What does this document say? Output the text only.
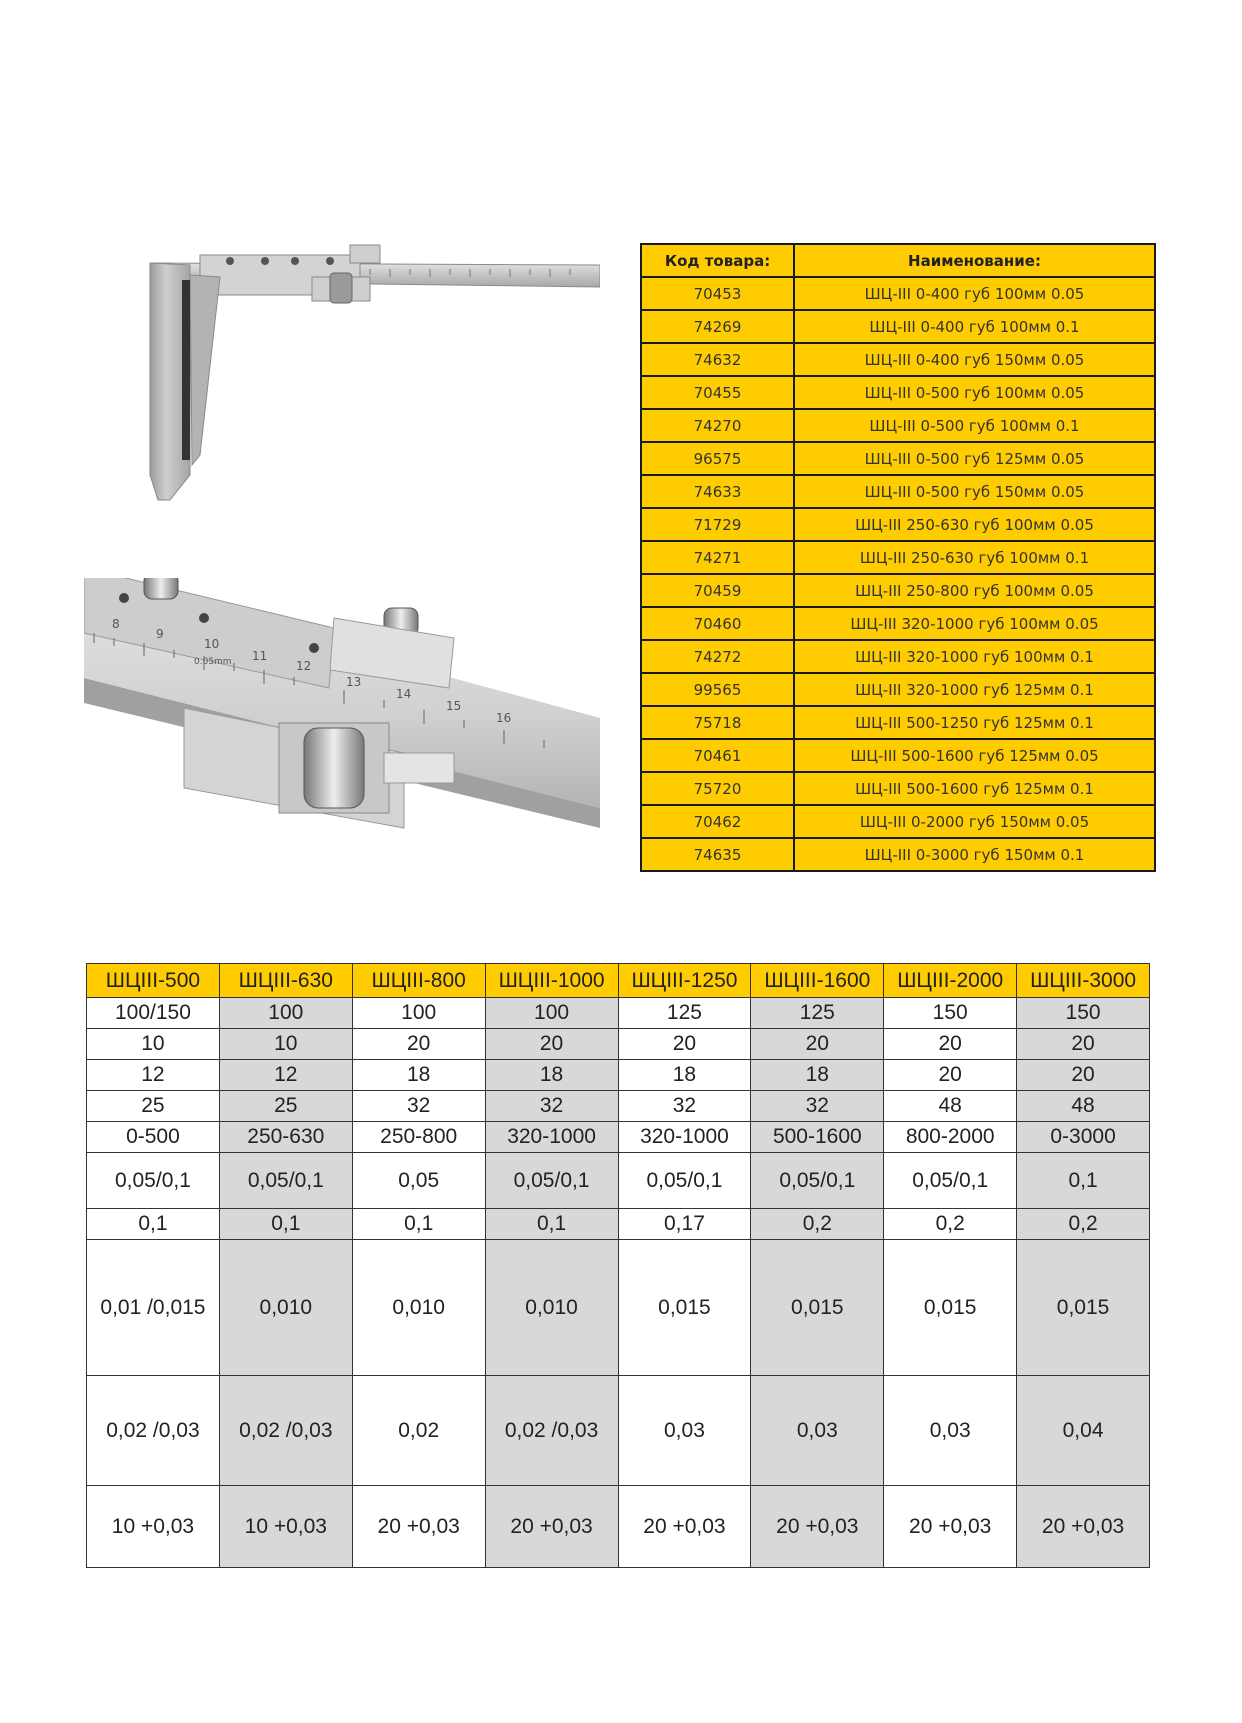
8
9
10
11
12
13
14
15
16
0.05mm
Код товара:	Наименование:
70453	ШЦ-III 0-400 губ 100мм 0.05
74269	ШЦ-III 0-400 губ 100мм 0.1
74632	ШЦ-III 0-400 губ 150мм 0.05
70455	ШЦ-III 0-500 губ 100мм 0.05
74270	ШЦ-III 0-500 губ 100мм 0.1
96575	ШЦ-III 0-500 губ 125мм 0.05
74633	ШЦ-III 0-500 губ 150мм 0.05
71729	ШЦ-III 250-630 губ 100мм 0.05
74271	ШЦ-III 250-630 губ 100мм 0.1
70459	ШЦ-III 250-800 губ 100мм 0.05
70460	ШЦ-III 320-1000 губ 100мм 0.05
74272	ШЦ-III 320-1000 губ 100мм 0.1
99565	ШЦ-III 320-1000 губ 125мм 0.1
75718	ШЦ-III 500-1250 губ 125мм 0.1
70461	ШЦ-III 500-1600 губ 125мм 0.05
75720	ШЦ-III 500-1600 губ 125мм 0.1
70462	ШЦ-III 0-2000 губ 150мм 0.05
74635	ШЦ-III 0-3000 губ 150мм 0.1
ШЦIII-500	ШЦIII-630	ШЦIII-800	ШЦIII-1000	ШЦIII-1250	ШЦIII-1600	ШЦIII-2000	ШЦIII-3000
100/150	100	100	100	125	125	150	150
10	10	20	20	20	20	20	20
12	12	18	18	18	18	20	20
25	25	32	32	32	32	48	48
0-500	250-630	250-800	320-1000	320-1000	500-1600	800-2000	0-3000
0,05/0,1	0,05/0,1	0,05	0,05/0,1	0,05/0,1	0,05/0,1	0,05/0,1	0,1
0,1	0,1	0,1	0,1	0,17	0,2	0,2	0,2
0,01 /0,015	0,010	0,010	0,010	0,015	0,015	0,015	0,015
0,02 /0,03	0,02 /0,03	0,02	0,02 /0,03	0,03	0,03	0,03	0,04
10 +0,03	10 +0,03	20 +0,03	20 +0,03	20 +0,03	20 +0,03	20 +0,03	20 +0,03
